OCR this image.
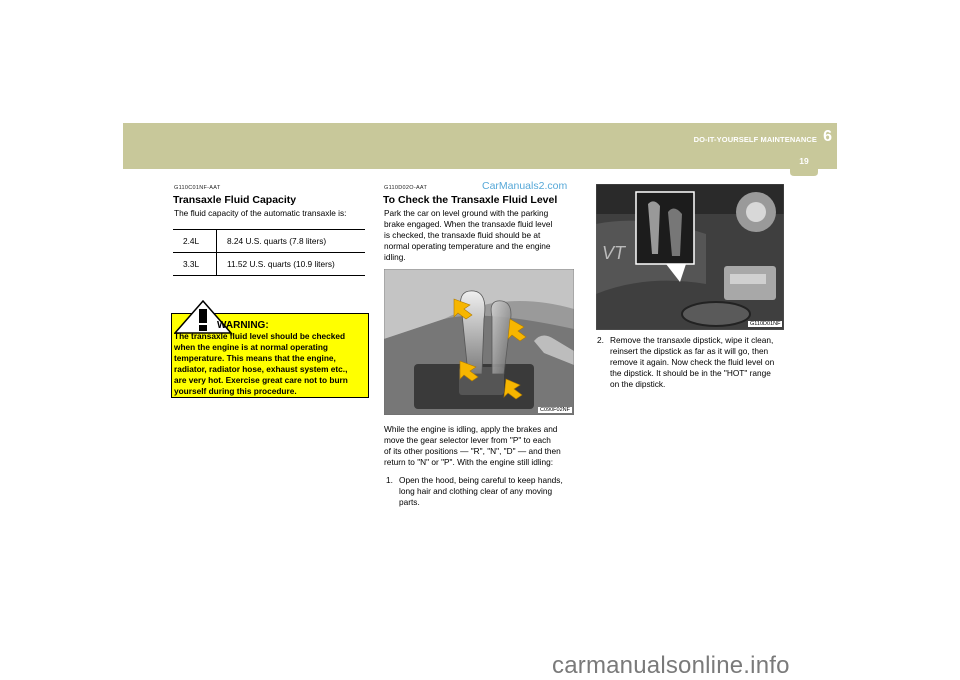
DO-IT-YOURSELF MAINTENANCE 6
19
CarManuals2.com
G110C01NF-AAT
Transaxle Fluid Capacity
The fluid capacity of the automatic transaxle is:
2.4L	8.24 U.S. quarts (7.8 liters)
3.3L	11.52 U.S. quarts (10.9 liters)
WARNING:
The transaxle fluid level should be checked
when the engine is at normal operating
temperature. This means that the engine,
radiator, radiator hose, exhaust system etc.,
are very hot. Exercise great care not to burn
yourself during this procedure.
G110D02O-AAT
To Check the Transaxle Fluid Level
Park the car on level ground with the parking
brake engaged. When the transaxle fluid level
is checked, the transaxle fluid should be at
normal operating temperature and the engine
idling.
C090F02NF
While the engine is idling, apply the brakes and
move the gear selector lever from "P" to each
of its other positions — "R", "N", "D" — and then
return to "N" or "P". With the engine still idling:
1. Open the hood, being careful to keep hands,
long hair and clothing clear of any moving
parts.
VT
G110D01NF
2. Remove the transaxle dipstick, wipe it clean,
reinsert the dipstick as far as it will go, then
remove it again. Now check the fluid level on
the dipstick. It should be in the "HOT" range
on the dipstick.
carmanualsonline.info
